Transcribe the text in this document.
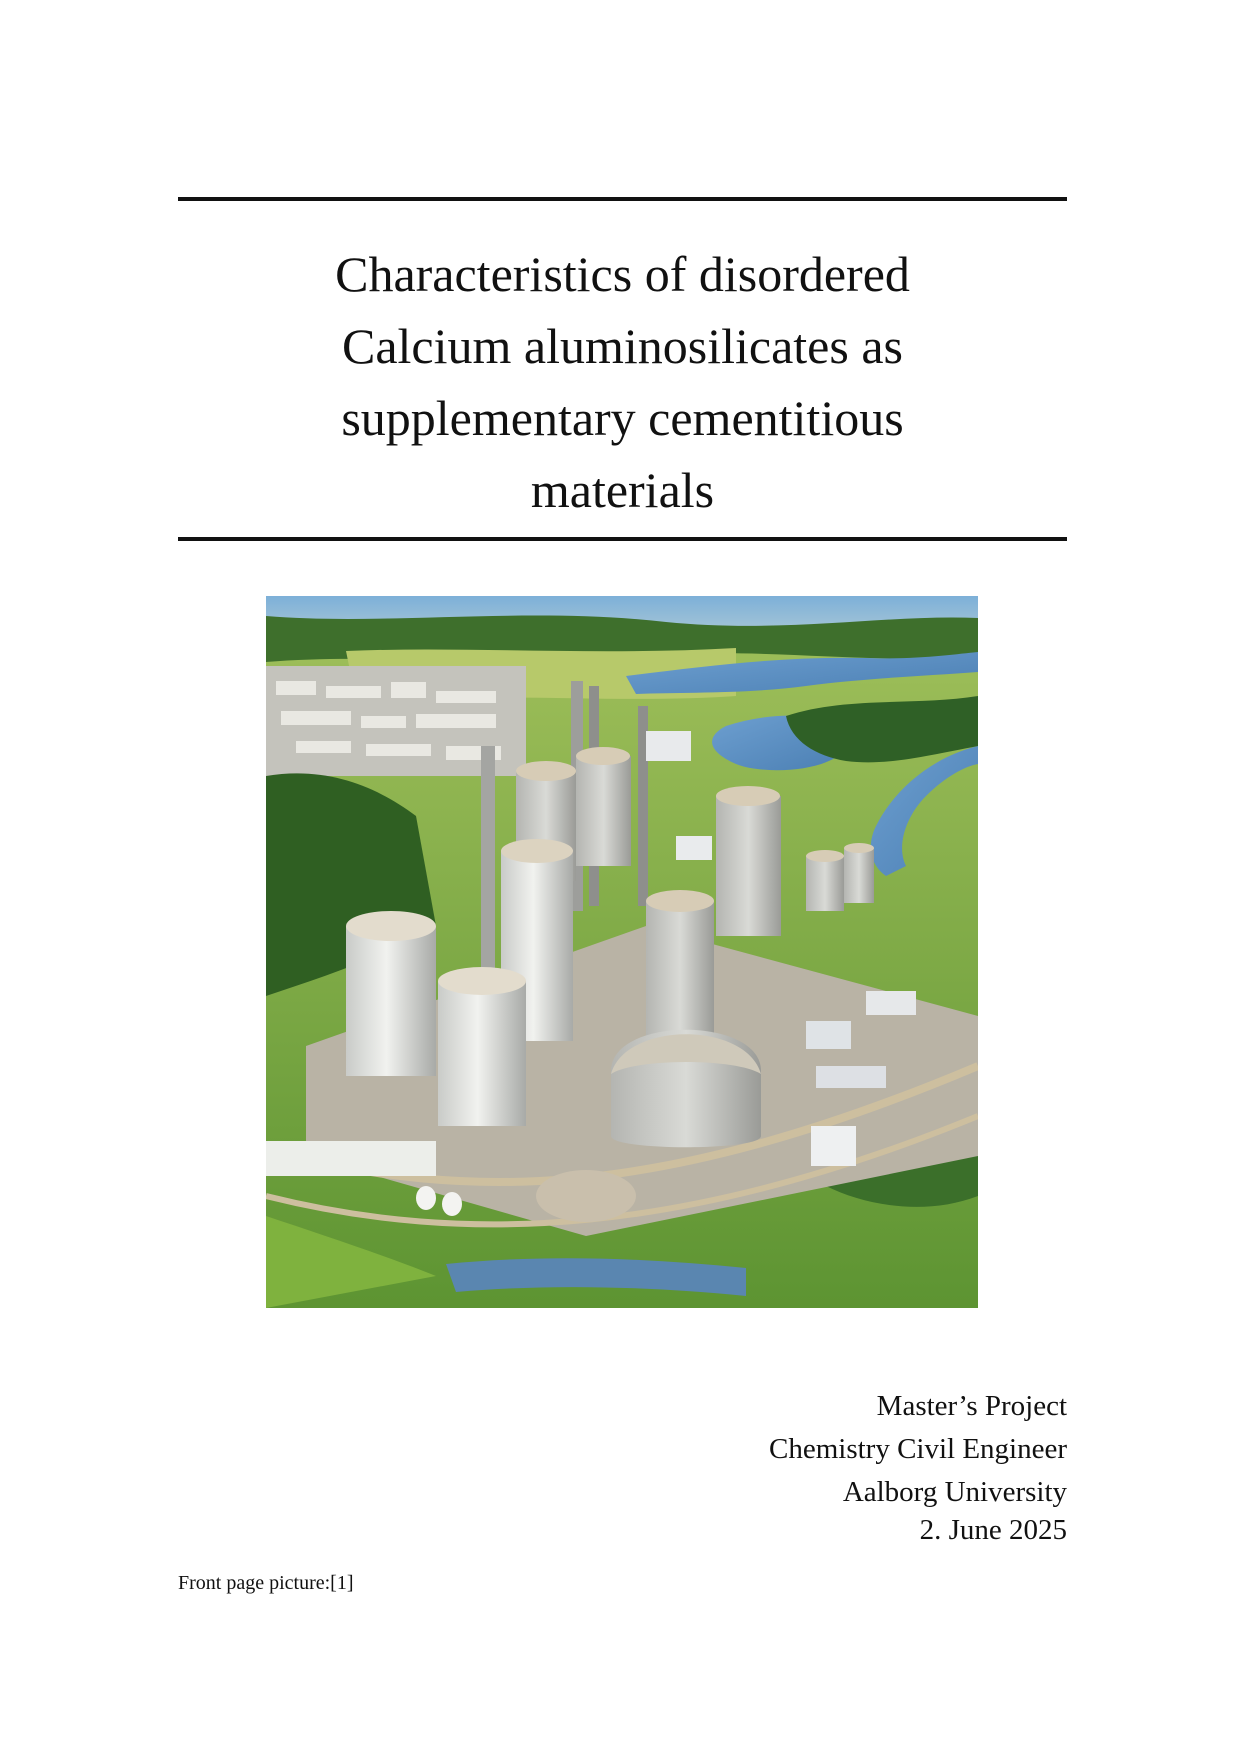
Characteristics of disordered
Calcium aluminosilicates as
supplementary cementitious
materials
Master’s Project
Chemistry Civil Engineer
Aalborg University
2. June 2025
Front page picture:[1]
